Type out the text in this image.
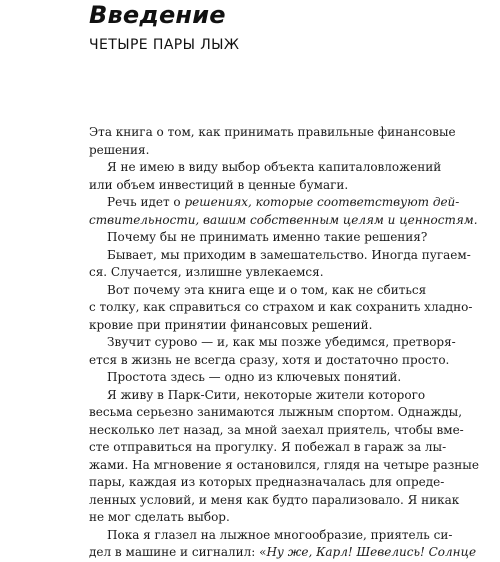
Введение
ЧЕТЫРЕ ПАРЫ ЛЫЖ
Эта книга о том, как принимать правильные финансовые
решения.
Я не имею в виду выбор объекта капиталовложений
или объем инвестиций в ценные бумаги.
Речь идет о решениях, которые соответствуют дей-
ствительности, вашим собственным целям и ценностям.
Почему бы не принимать именно такие решения?
Бывает, мы приходим в замешательство. Иногда пугаем-
ся. Случается, излишне увлекаемся.
Вот почему эта книга еще и о том, как не сбиться
с толку, как справиться со страхом и как сохранить хладно-
кровие при принятии финансовых решений.
Звучит сурово — и, как мы позже убедимся, претворя-
ется в жизнь не всегда сразу, хотя и достаточно просто.
Простота здесь — одно из ключевых понятий.
Я живу в Парк-Сити, некоторые жители которого
весьма серьезно занимаются лыжным спортом. Однажды,
несколько лет назад, за мной заехал приятель, чтобы вме-
сте отправиться на прогулку. Я побежал в гараж за лы-
жами. На мгновение я остановился, глядя на четыре разные
пары, каждая из которых предназначалась для опреде-
ленных условий, и меня как будто парализовало. Я никак
не мог сделать выбор.
Пока я глазел на лыжное многообразие, приятель си-
дел в машине и сигналил: «Ну же, Карл! Шевелись! Солнце
